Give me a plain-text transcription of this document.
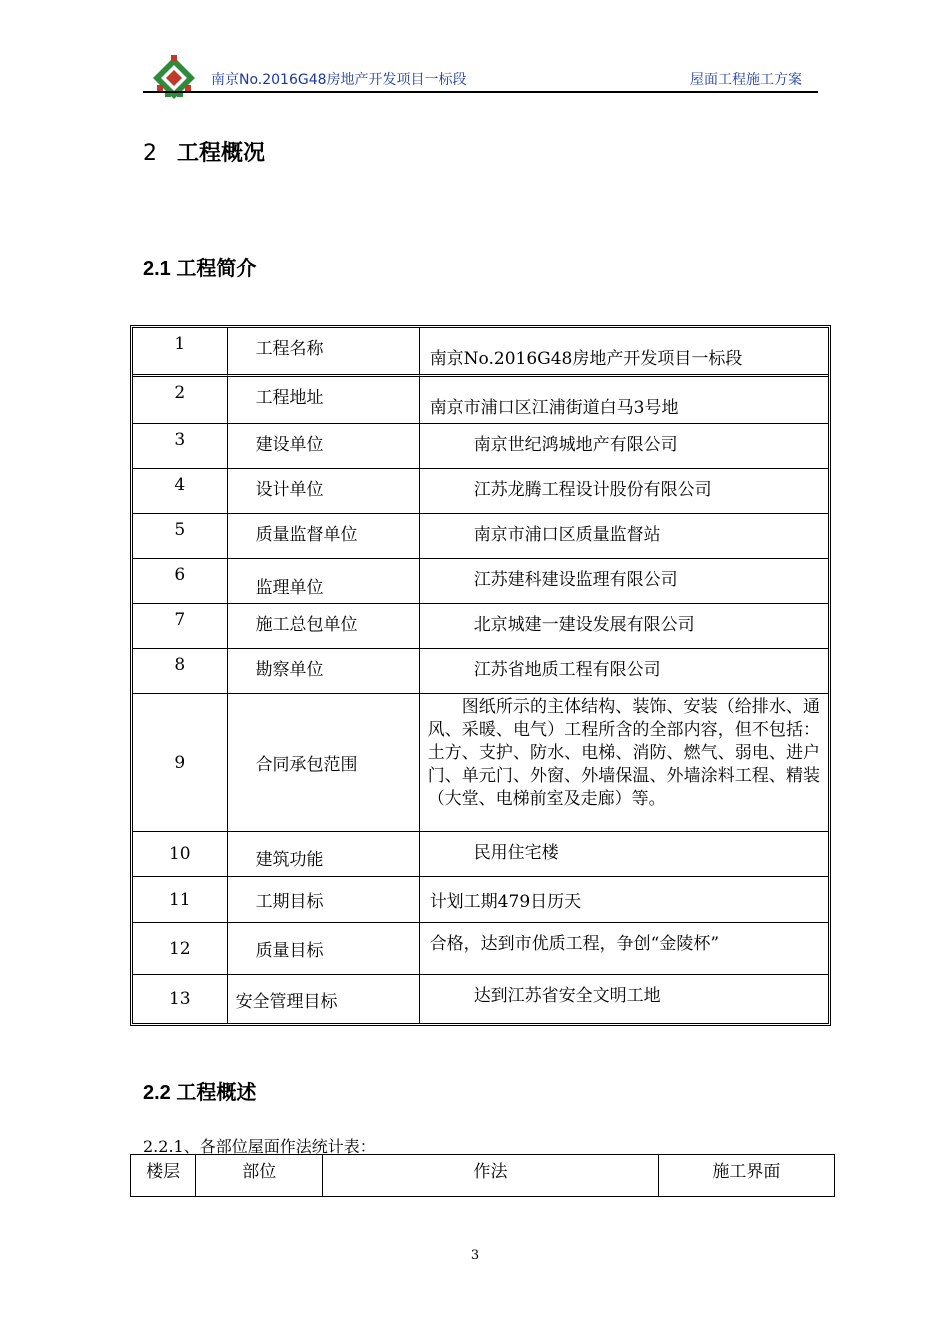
南京No.2016G48房地产开发项目一标段	屋面工程施工方案
2 工程概况
2.1 工程简介
1	工程名称	南京No.2016G48房地产开发项目一标段

2	工程地址	南京市浦口区江浦街道白马3号地

3	建设单位	南京世纪鸿城地产有限公司

4	设计单位	江苏龙腾工程设计股份有限公司

5	质量监督单位	南京市浦口区质量监督站

6	监理单位	江苏建科建设监理有限公司

7	施工总包单位	北京城建一建设发展有限公司

8	勘察单位	江苏省地质工程有限公司

9	合同承包范围	图纸所示的主体结构、装饰、安装（给排水、通风、采暖、电气）工程所含的全部内容，但不包括：土方、支护、防水、电梯、消防、燃气、弱电、进户门、单元门、外窗、外墙保温、外墙涂料工程、精装（大堂、电梯前室及走廊）等。

10	建筑功能	民用住宅楼

11	工期目标	计划工期479日历天

12	质量目标	合格，达到市优质工程，争创“金陵杯”

13	安全管理目标	达到江苏省安全文明工地
2.2 工程概述
2.2.1、各部位屋面作法统计表：
楼层	部位	作法	施工界面
3
